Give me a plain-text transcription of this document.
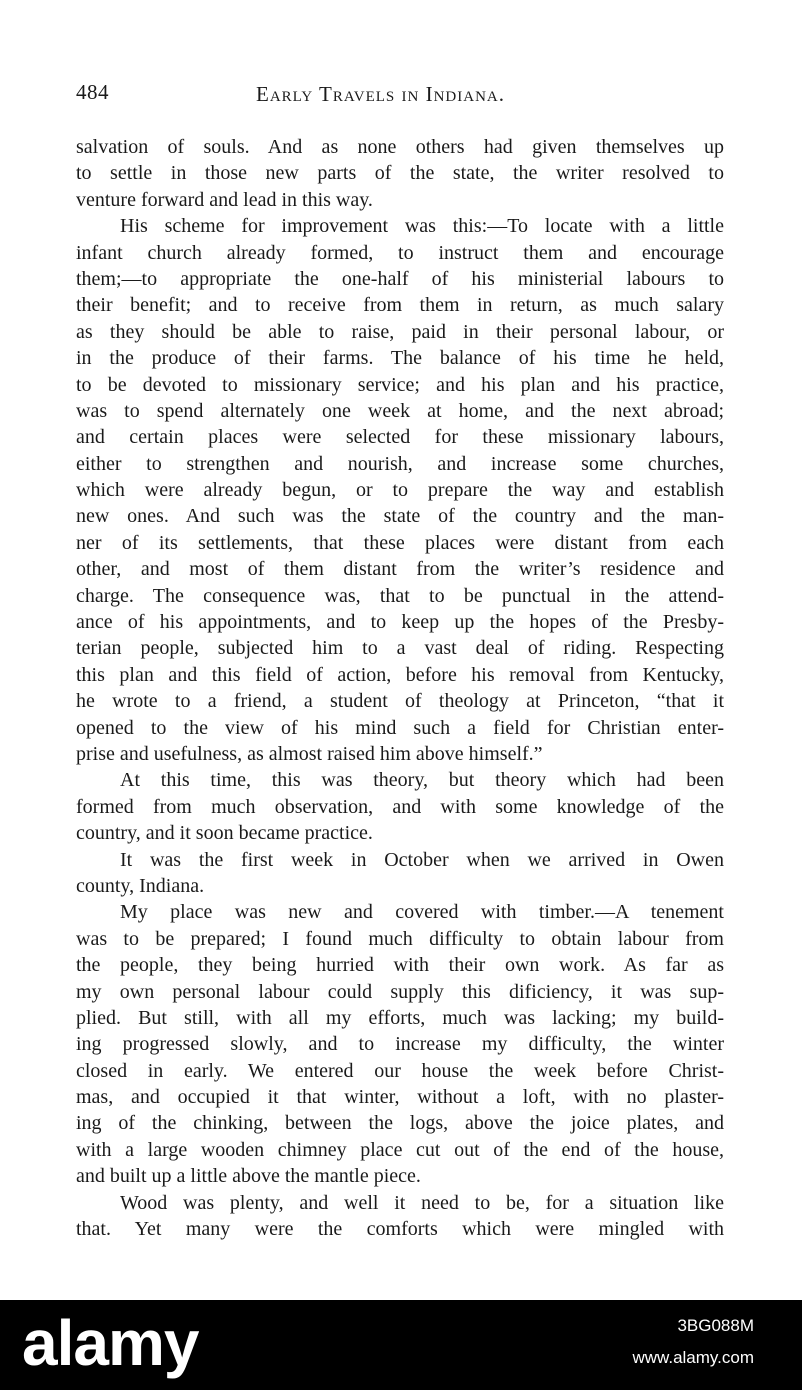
484	Early Travels in Indiana.
salvation of souls. And as none others had given themselves up
to settle in those new parts of the state, the writer resolved to
venture forward and lead in this way.
His scheme for improvement was this:—To locate with a little
infant church already formed, to instruct them and encourage
them;—to appropriate the one-half of his ministerial labours to
their benefit; and to receive from them in return, as much salary
as they should be able to raise, paid in their personal labour, or
in the produce of their farms. The balance of his time he held,
to be devoted to missionary service; and his plan and his practice,
was to spend alternately one week at home, and the next abroad;
and certain places were selected for these missionary labours,
either to strengthen and nourish, and increase some churches,
which were already begun, or to prepare the way and establish
new ones. And such was the state of the country and the man-
ner of its settlements, that these places were distant from each
other, and most of them distant from the writer’s residence and
charge. The consequence was, that to be punctual in the attend-
ance of his appointments, and to keep up the hopes of the Presby-
terian people, subjected him to a vast deal of riding. Respecting
this plan and this field of action, before his removal from Kentucky,
he wrote to a friend, a student of theology at Princeton, “that it
opened to the view of his mind such a field for Christian enter-
prise and usefulness, as almost raised him above himself.”
At this time, this was theory, but theory which had been
formed from much observation, and with some knowledge of the
country, and it soon became practice.
It was the first week in October when we arrived in Owen
county, Indiana.
My place was new and covered with timber.—A tenement
was to be prepared; I found much difficulty to obtain labour from
the people, they being hurried with their own work. As far as
my own personal labour could supply this dificiency, it was sup-
plied. But still, with all my efforts, much was lacking; my build-
ing progressed slowly, and to increase my difficulty, the winter
closed in early. We entered our house the week before Christ-
mas, and occupied it that winter, without a loft, with no plaster-
ing of the chinking, between the logs, above the joice plates, and
with a large wooden chimney place cut out of the end of the house,
and built up a little above the mantle piece.
Wood was plenty, and well it need to be, for a situation like
that. Yet many were the comforts which were mingled with
alamy	3BG088M
www.alamy.com
